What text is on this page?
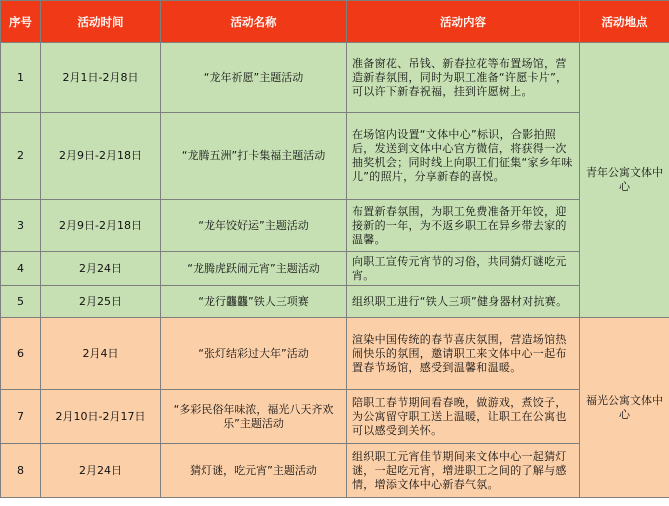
序号	活动时间	活动名称	活动内容	活动地点
1	2月1日-2月8日	“龙年祈愿”主题活动	准备窗花、吊钱、新春拉花等布置场馆，营造新春氛围，同时为职工准备“许愿卡片”，可以许下新春祝福，挂到许愿树上。	青年公寓文体中心
2	2月9日-2月18日	“龙腾五洲”打卡集福主题活动	在场馆内设置“文体中心”标识，合影拍照后，发送到文体中心官方微信，将获得一次抽奖机会；同时线上向职工们征集“家乡年味儿”的照片，分享新春的喜悦。	
3	2月9日-2月18日	“龙年饺好运”主题活动	布置新春氛围，为职工免费准备开年饺，迎接新的一年，为不返乡职工在异乡带去家的温馨。	
4	2月24日	“龙腾虎跃闹元宵”主题活动	向职工宣传元宵节的习俗，共同猜灯谜吃元宵。	
5	2月25日	“龙行龘龘”铁人三项赛	组织职工进行“铁人三项”健身器材对抗赛。	
6	2月4日	“张灯结彩过大年”活动	渲染中国传统的春节喜庆氛围，营造场馆热闹快乐的氛围，邀请职工来文体中心一起布置春节场馆，感受到温馨和温暖。	福光公寓文体中心
7	2月10日-2月17日	“多彩民俗年味浓，福光八天齐欢乐”主题活动	陪职工春节期间看春晚，做游戏，煮饺子，为公寓留守职工送上温暖，让职工在公寓也可以感受到关怀。	
8	2月24日	猜灯谜，吃元宵”主题活动	组织职工元宵佳节期间来文体中心一起猜灯谜，一起吃元宵，增进职工之间的了解与感情，增添文体中心新春气氛。	
